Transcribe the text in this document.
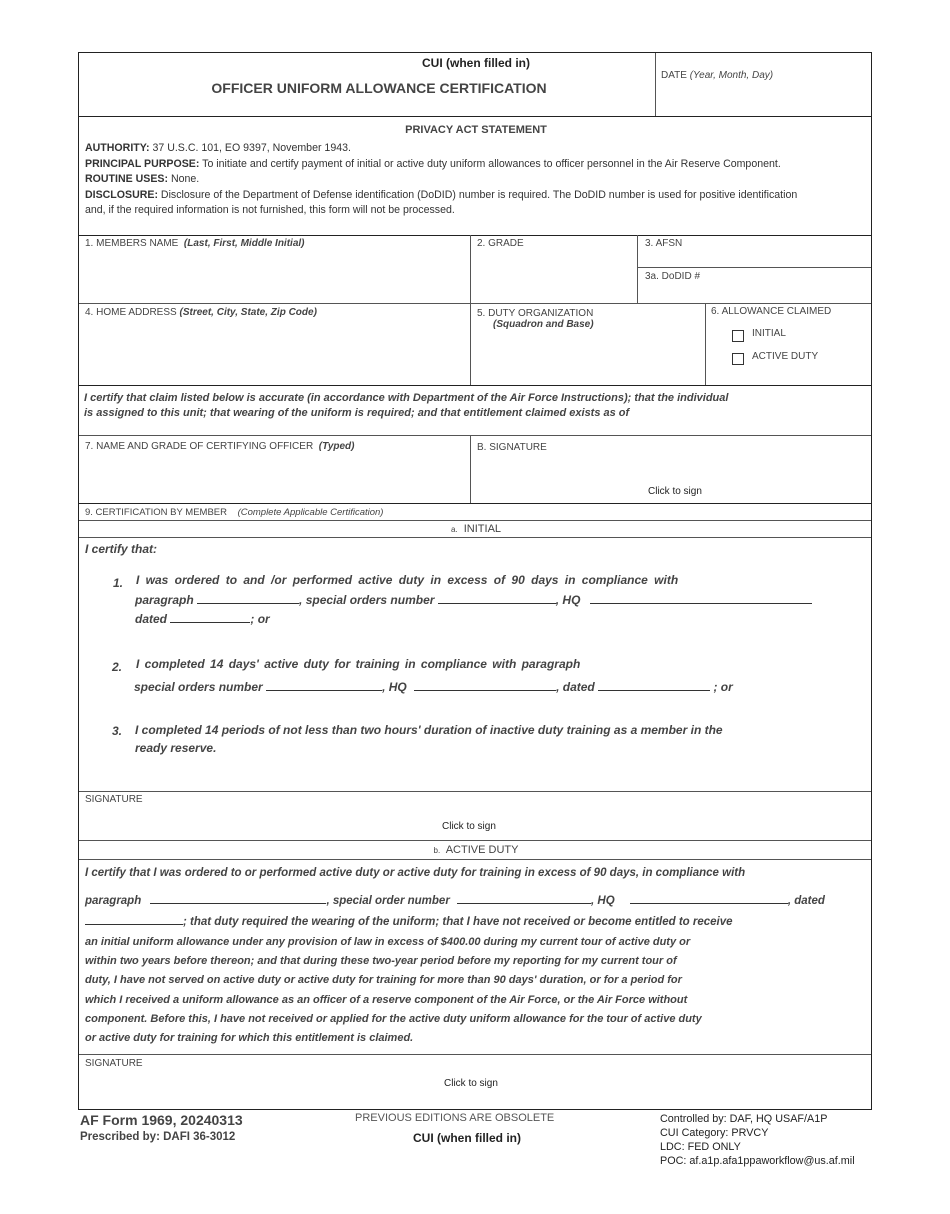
CUI (when filled in)
OFFICER UNIFORM ALLOWANCE CERTIFICATION
DATE (Year, Month, Day)
PRIVACY ACT STATEMENT
AUTHORITY: 37 U.S.C. 101, EO 9397, November 1943.
PRINCIPAL PURPOSE: To initiate and certify payment of initial or active duty uniform allowances to officer personnel in the Air Reserve Component.
ROUTINE USES: None.
DISCLOSURE: Disclosure of the Department of Defense identification (DoDID) number is required. The DoDID number is used for positive identification
and, if the required information is not furnished, this form will not be processed.
1. MEMBERS NAME (Last, First, Middle Initial)	2. GRADE	3. AFSN
3a. DoDID #
4. HOME ADDRESS (Street, City, State, Zip Code)	5. DUTY ORGANIZATION
(Squadron and Base)
6. ALLOWANCE CLAIMED
INITIAL
ACTIVE DUTY
I certify that claim listed below is accurate (in accordance with Department of the Air Force Instructions); that the individual
is assigned to this unit; that wearing of the uniform is required; and that entitlement claimed exists as of
7. NAME AND GRADE OF CERTIFYING OFFICER (Typed)	B. SIGNATURE
Click to sign
9. CERTIFICATION BY MEMBER (Complete Applicable Certification)
a. INITIAL
I certify that:
1. I was ordered to and /or performed active duty in excess of 90 days in compliance with
paragraph	, special orders number	, HQ
dated	; or
2. I completed 14 days' active duty for training in compliance with paragraph
special orders number	, HQ	, dated	; or
3. I completed 14 periods of not less than two hours' duration of inactive duty training as a member in the
ready reserve.
SIGNATURE
Click to sign
b. ACTIVE DUTY
I certify that I was ordered to or performed active duty or active duty for training in excess of 90 days, in compliance with
paragraph	, special order number	, HQ	, dated
; that duty required the wearing of the uniform; that I have not received or become entitled to receive
an initial uniform allowance under any provision of law in excess of $400.00 during my current tour of active duty or
within two years before thereon; and that during these two-year period before my reporting for my current tour of
duty, I have not served on active duty or active duty for training for more than 90 days' duration, or for a period for
which I received a uniform allowance as an officer of a reserve component of the Air Force, or the Air Force without
component. Before this, I have not received or applied for the active duty uniform allowance for the tour of active duty
or active duty for training for which this entitlement is claimed.
SIGNATURE
Click to sign
AF Form 1969, 20240313
Prescribed by: DAFI 36-3012
PREVIOUS EDITIONS ARE OBSOLETE
CUI (when filled in)
Controlled by: DAF, HQ USAF/A1P
CUI Category: PRVCY
LDC: FED ONLY
POC: af.a1p.afa1ppaworkflow@us.af.mil
